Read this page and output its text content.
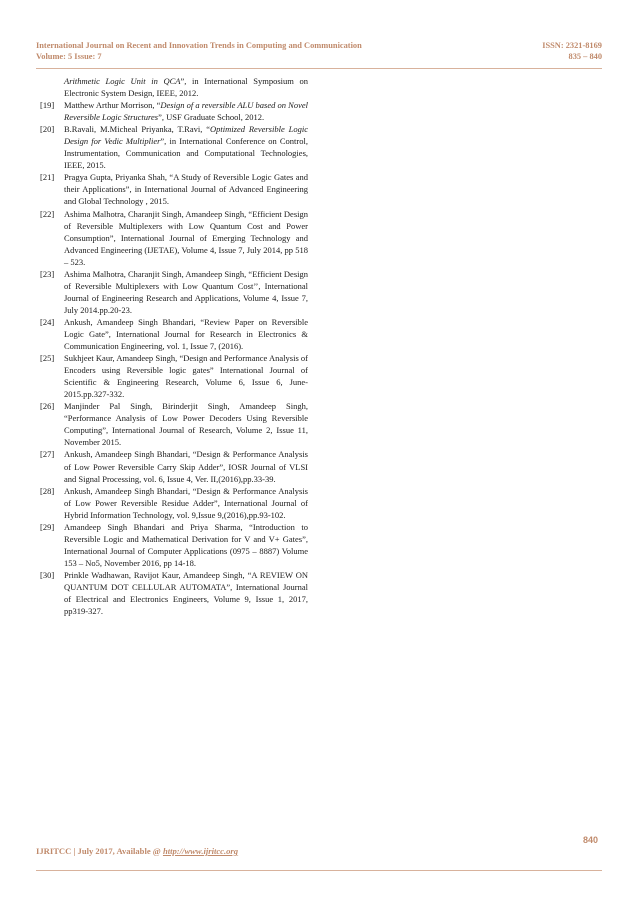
International Journal on Recent and Innovation Trends in Computing and Communication
Volume: 5 Issue: 7
ISSN: 2321-8169
835 – 840
Arithmetic Logic Unit in QCA”, in International Symposium on Electronic System Design, IEEE, 2012.
[19]	Matthew Arthur Morrison, “Design of a reversible ALU based on Novel Reversible Logic Structures”, USF Graduate School, 2012.
[20]	B.Ravali, M.Micheal Priyanka, T.Ravi, “Optimized Reversible Logic Design for Vedic Multiplier”, in International Conference on Control, Instrumentation, Communication and Computational Technologies, IEEE, 2015.
[21]	Pragya Gupta, Priyanka Shah, “A Study of Reversible Logic Gates and their Applications”, in International Journal of Advanced Engineering and Global Technology , 2015.
[22]	Ashima Malhotra, Charanjit Singh, Amandeep Singh, “Efficient Design of Reversible Multiplexers with Low Quantum Cost and Power Consumption”, International Journal of Emerging Technology and Advanced Engineering (IJETAE), Volume 4, Issue 7, July 2014, pp 518 – 523.
[23]	Ashima Malhotra, Charanjit Singh, Amandeep Singh, “Efficient Design of Reversible Multiplexers with Low Quantum Cost’’, International Journal of Engineering Research and Applications, Volume 4, Issue 7, July 2014.pp.20-23.
[24]	Ankush, Amandeep Singh Bhandari, “Review Paper on Reversible Logic Gate”, International Journal for Research in Electronics & Communication Engineering, vol. 1, Issue 7, (2016).
[25]	Sukhjeet Kaur, Amandeep Singh, “Design and Performance Analysis of Encoders using Reversible logic gates” International Journal of Scientific & Engineering Research, Volume 6, Issue 6, June-2015.pp.327-332.
[26]	Manjinder Pal Singh, Birinderjit Singh, Amandeep Singh, “Performance Analysis of Low Power Decoders Using Reversible Computing”, International Journal of Research, Volume 2, Issue 11, November 2015.
[27]	Ankush, Amandeep Singh Bhandari, “Design & Performance Analysis of Low Power Reversible Carry Skip Adder”, IOSR Journal of VLSI and Signal Processing, vol. 6, Issue 4, Ver. II,(2016),pp.33-39.
[28]	Ankush, Amandeep Singh Bhandari, “Design & Performance Analysis of Low Power Reversible Residue Adder”, International Journal of Hybrid Information Technology, vol. 9,Issue 9,(2016),pp.93-102.
[29]	Amandeep Singh Bhandari and Priya Sharma, “Introduction to Reversible Logic and Mathematical Derivation for V and V+ Gates”, International Journal of Computer Applications (0975 – 8887) Volume 153 – No5, November 2016, pp 14-18.
[30]	Prinkle Wadhawan, Ravijot Kaur, Amandeep Singh, “A REVIEW ON QUANTUM DOT CELLULAR AUTOMATA”, International Journal of Electrical and Electronics Engineers, Volume 9, Issue 1, 2017, pp319-327.
840
IJRITCC | July 2017, Available @ http://www.ijritcc.org
